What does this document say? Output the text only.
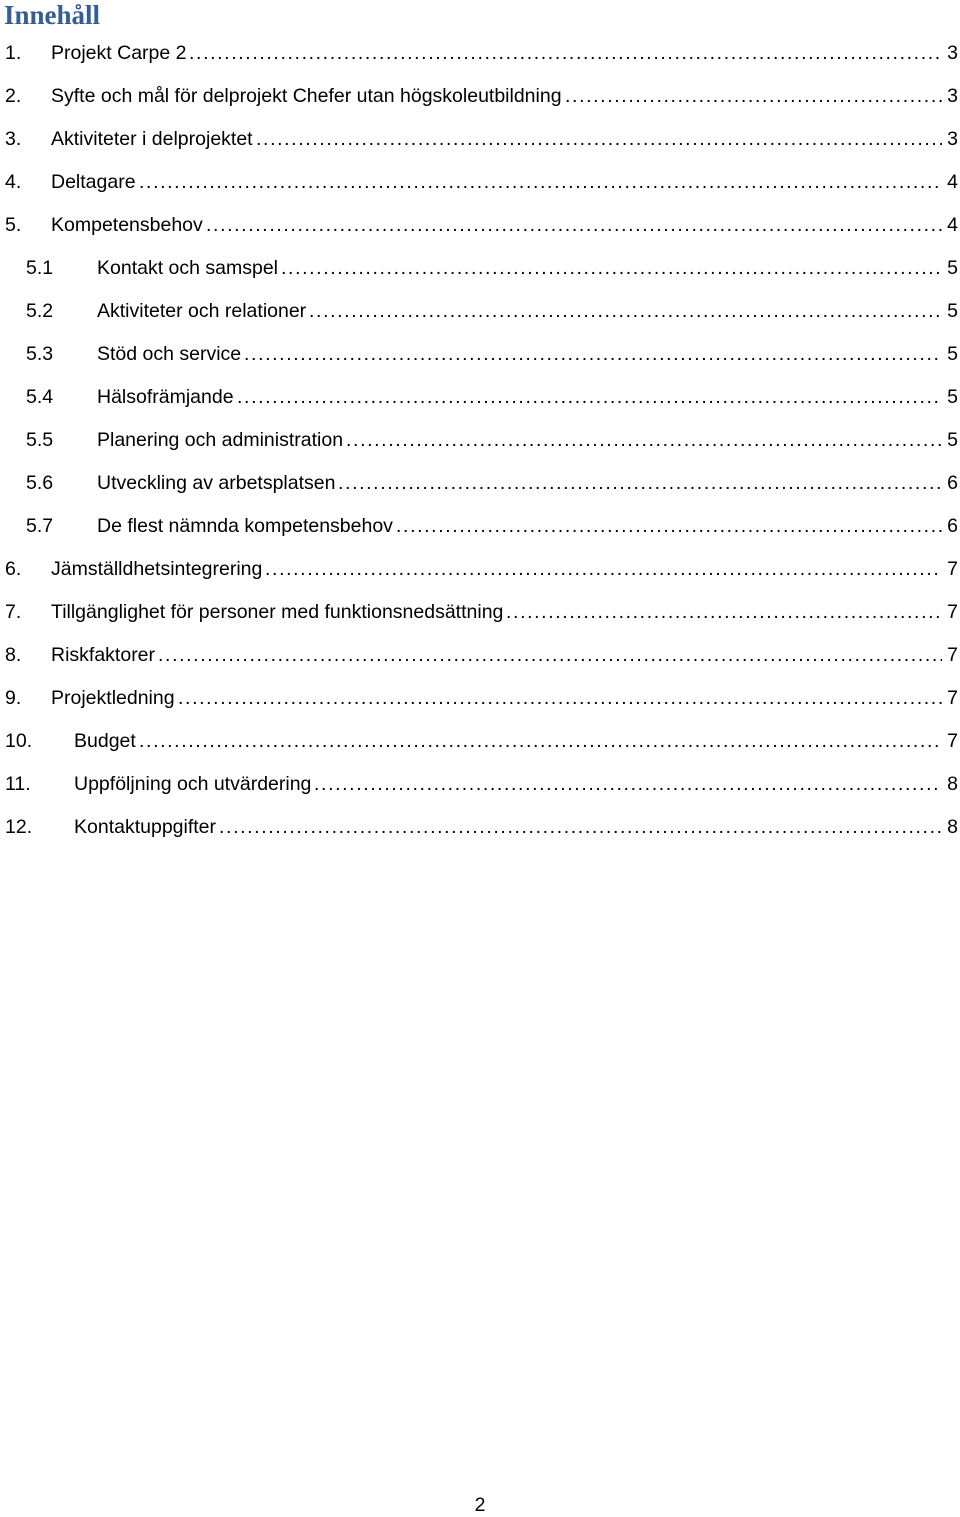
Innehåll
1. . . . Projekt Carpe 2	3
2. . . . Syfte och mål för delprojekt Chefer utan högskoleutbildning	3
3. . . . Aktiviteter i delprojektet	3
4. . . . Deltagare	4
5. . . . Kompetensbehov	4
5.1 . . . Kontakt och samspel	5
5.2 . . . Aktiviteter och relationer	5
5.3 . . . Stöd och service	5
5.4 . . . Hälsofrämjande	5
5.5 . . . Planering och administration	5
5.6 . . . Utveckling av arbetsplatsen	6
5.7 . . . De flest nämnda kompetensbehov	6
6. . . . Jämställdhetsintegrering	7
7. . . . Tillgänglighet för personer med funktionsnedsättning	7
8. . . . Riskfaktorer	7
9. . . . Projektledning	7
10. . . . Budget	7
11. . . . Uppföljning och utvärdering	8
12. . . . Kontaktuppgifter	8
2
